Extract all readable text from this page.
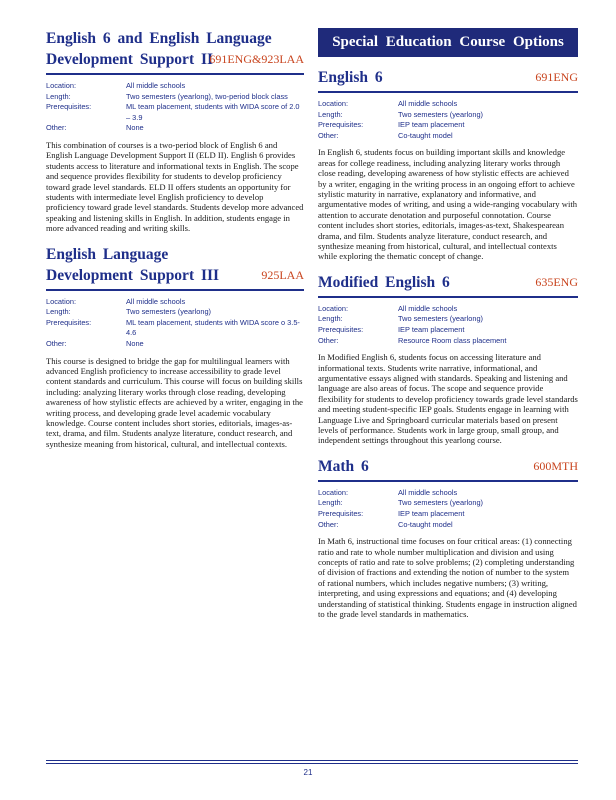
English 6 and English Language
Development Support II
691ENG&923LAA
Location:	All middle schools
Length:	Two semesters (yearlong), two-period block class
Prerequisites:	ML team placement, students with WIDA score of 2.0 – 3.9
Other:	None

This combination of courses is a two-period block of English 6 and English Language Development Support II (ELD II). English 6 provides students access to literature and informational texts in English. The scope and sequence provides flexibility for students to develop proficiency toward grade level standards. ELD II offers students an opportunity for students with intermediate level English proficiency to develop proficiency toward grade level standards. Students develop more advanced speaking and listening skills in English. In addition, students engage in more advanced reading and writing skills.

English Language
Development Support III	925LAA
Location:	All middle schools
Length:	Two semesters (yearlong)
Prerequisites:	ML team placement, students with WIDA score o 3.5-4.6
Other:	None

This course is designed to bridge the gap for multilingual learners with advanced English proficiency to increase accessibility to grade level content standards and curriculum. This course will focus on building skills including: analyzing literary works through close reading, developing awareness of how stylistic effects are achieved by a writer, engaging in the writing process, and developing grade level academic vocabulary knowledge. Course content includes short stories, editorials, images-as-text, drama, and film. Students analyze literature, conduct research, and synthesize meaning from historical, cultural, and intellectual contexts.

Special Education Course Options
English 6	691ENG
Location:	All middle schools
Length:	Two semesters (yearlong)
Prerequisites:	IEP team placement
Other:	Co-taught model

In English 6, students focus on building important skills and knowledge areas for college readiness, including analyzing literary works through close reading, developing awareness of how stylistic effects are achieved by a writer, engaging in the writing process in an ongoing effort to achieve stylistic maturity in narrative, explanatory and informative, and argumentative modes of writing, and using a wide-ranging vocabulary with attention to accurate denotation and purposeful connotation. Course content includes short stories, editorials, images-as-text, Shakespearean drama, and film. Students analyze literature, conduct research, and synthesize meaning from historical, cultural, and intellectual contexts while exploring the thematic concept of change.

Modified English 6	635ENG
Location:	All middle schools
Length:	Two semesters (yearlong)
Prerequisites:	IEP team placement
Other:	Resource Room class placement

In Modified English 6, students focus on accessing literature and informational texts. Students write narrative, informational, and argumentative essays aligned with standards. Speaking and listening and language are also areas of focus. The scope and sequence provide flexibility for students to develop proficiency towards grade level standards and meeting student-specific IEP goals. Students engage in learning with Language Live and Springboard curricular materials based on present levels of performance. Students work in large group, small group, and independent settings throughout this yearlong course.

Math 6	600MTH
Location:	All middle schools
Length:	Two semesters (yearlong)
Prerequisites:	IEP team placement
Other:	Co-taught model

In Math 6, instructional time focuses on four critical areas: (1) connecting ratio and rate to whole number multiplication and division and using concepts of ratio and rate to solve problems; (2) completing understanding of division of fractions and extending the notion of number to the system of rational numbers, which includes negative numbers; (3) writing, interpreting, and using expressions and equations; and (4) developing understanding of statistical thinking. Students engage in instruction aligned to the grade level standards in mathematics.

21
